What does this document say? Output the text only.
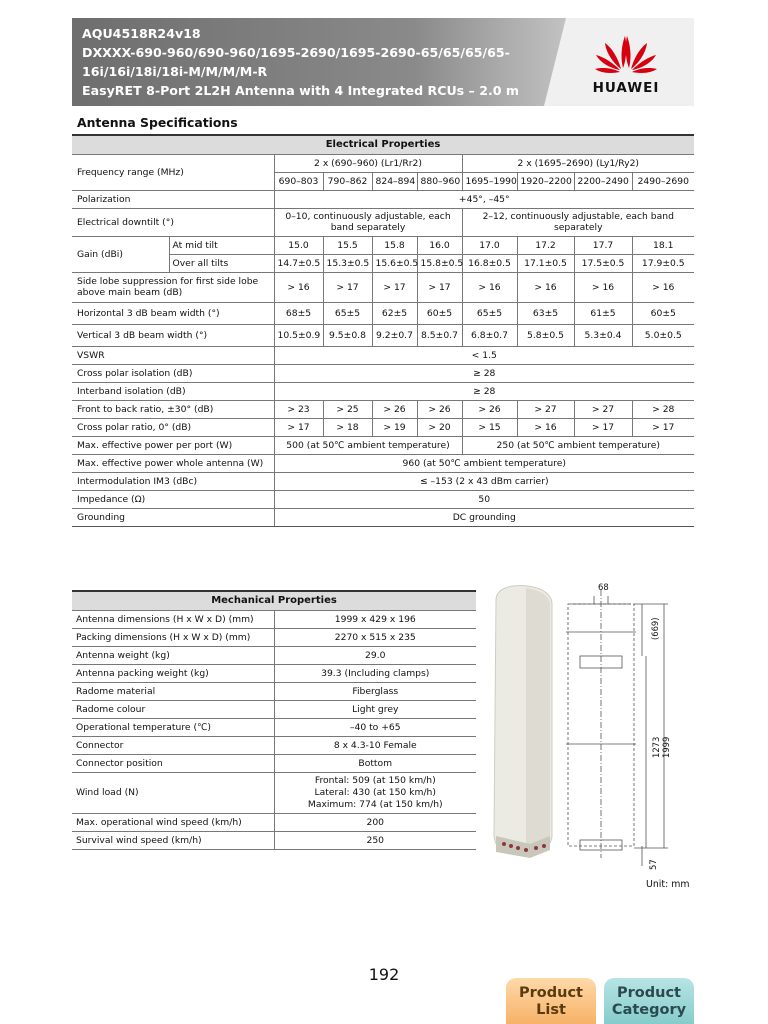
AQU4518R24v18
DXXXX-690-960/690-960/1695-2690/1695-2690-65/65/65/65-
16i/16i/18i/18i-M/M/M/M-R
EasyRET 8-Port 2L2H Antenna with 4 Integrated RCUs – 2.0 m	HUAWEI
Antenna Specifications
Electrical Properties									
Frequency range (MHz)		2 x (690–960) (Lr1/Rr2)				2 x (1695–2690) (Ly1/Ry2)			
		690–803	790–862	824–894	880–960	1695–1990	1920–2200	2200–2490	2490–2690
Polarization		+45°, –45°							
Electrical downtilt (°)		0–10, continuously adjustable, each band separately				2–12, continuously adjustable, each band separately			
Gain (dBi)	At mid tilt	15.0	15.5	15.8	16.0	17.0	17.2	17.7	18.1
	Over all tilts	14.7±0.5	15.3±0.5	15.6±0.5	15.8±0.5	16.8±0.5	17.1±0.5	17.5±0.5	17.9±0.5
Side lobe suppression for first side lobe above main beam (dB)		> 16	> 17	> 17	> 17	> 16	> 16	> 16	> 16
Horizontal 3 dB beam width (°)		68±5	65±5	62±5	60±5	65±5	63±5	61±5	60±5
Vertical 3 dB beam width (°)		10.5±0.9	9.5±0.8	9.2±0.7	8.5±0.7	6.8±0.7	5.8±0.5	5.3±0.4	5.0±0.5
VSWR		< 1.5							
Cross polar isolation (dB)		≥ 28							
Interband isolation (dB)		≥ 28							
Front to back ratio, ±30° (dB)		> 23	> 25	> 26	> 26	> 26	> 27	> 27	> 28
Cross polar ratio, 0° (dB)		> 17	> 18	> 19	> 20	> 15	> 16	> 17	> 17
Max. effective power per port (W)		500 (at 50℃ ambient temperature)				250 (at 50℃ ambient temperature)			
Max. effective power whole antenna (W)		960 (at 50℃ ambient temperature)							
Intermodulation IM3 (dBc)		≤ –153 (2 x 43 dBm carrier)							
Impedance (Ω)		50							
Grounding		DC grounding							
Mechanical Properties	
Antenna dimensions (H x W x D) (mm)	1999 x 429 x 196
Packing dimensions (H x W x D) (mm)	2270 x 515 x 235
Antenna weight (kg)	29.0
Antenna packing weight (kg)	39.3 (Including clamps)
Radome material	Fiberglass
Radome colour	Light grey
Operational temperature (℃)	–40 to +65
Connector	8 x 4.3-10 Female
Connector position	Bottom
Wind load (N)	Frontal: 509 (at 150 km/h)
Lateral: 430 (at 150 km/h)
Maximum: 774 (at 150 km/h)

Max. operational wind speed (km/h)	200
Survival wind speed (km/h)	250
68
(669)
1273 1999
57
Unit: mm
192
Product
List
Product
Category
